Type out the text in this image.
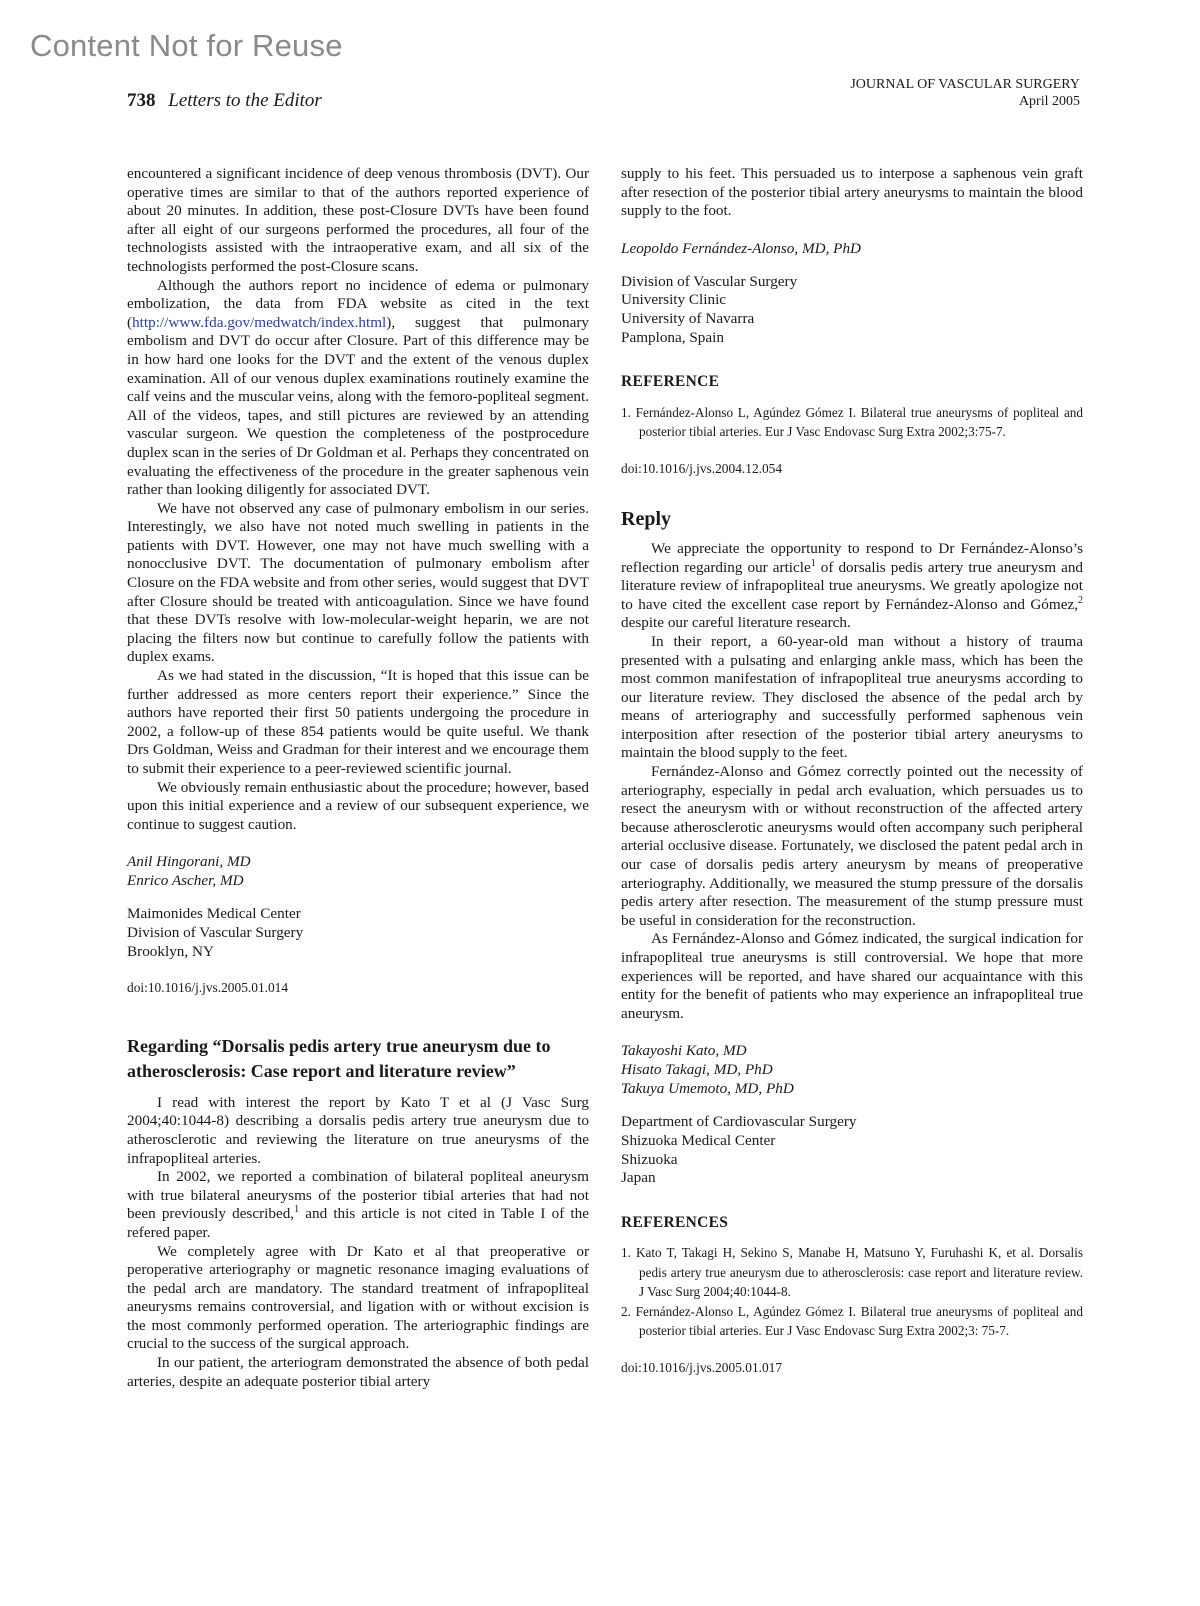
Content Not for Reuse
738 Letters to the Editor
JOURNAL OF VASCULAR SURGERY
April 2005

encountered a significant incidence of deep venous thrombosis (DVT). Our operative times are similar to that of the authors reported experience of about 20 minutes. In addition, these post-Closure DVTs have been found after all eight of our surgeons performed the procedures, all four of the technologists assisted with the intraoperative exam, and all six of the technologists performed the post-Closure scans.

Although the authors report no incidence of edema or pulmonary embolization, the data from FDA website as cited in the text (http://www.fda.gov/medwatch/index.html), suggest that pulmonary embolism and DVT do occur after Closure. Part of this difference may be in how hard one looks for the DVT and the extent of the venous duplex examination. All of our venous duplex examinations routinely examine the calf veins and the muscular veins, along with the femoro-popliteal segment. All of the videos, tapes, and still pictures are reviewed by an attending vascular surgeon. We question the completeness of the postprocedure duplex scan in the series of Dr Goldman et al. Perhaps they concentrated on evaluating the effectiveness of the procedure in the greater saphenous vein rather than looking diligently for associated DVT.

We have not observed any case of pulmonary embolism in our series. Interestingly, we also have not noted much swelling in patients in the patients with DVT. However, one may not have much swelling with a nonocclusive DVT. The documentation of pulmonary embolism after Closure on the FDA website and from other series, would suggest that DVT after Closure should be treated with anticoagulation. Since we have found that these DVTs resolve with low-molecular-weight heparin, we are not placing the filters now but continue to carefully follow the patients with duplex exams.

As we had stated in the discussion, “It is hoped that this issue can be further addressed as more centers report their experience.” Since the authors have reported their first 50 patients undergoing the procedure in 2002, a follow-up of these 854 patients would be quite useful. We thank Drs Goldman, Weiss and Gradman for their interest and we encourage them to submit their experience to a peer-reviewed scientific journal.

We obviously remain enthusiastic about the procedure; however, based upon this initial experience and a review of our subsequent experience, we continue to suggest caution.

Anil Hingorani, MD
Enrico Ascher, MD
Maimonides Medical Center
Division of Vascular Surgery
Brooklyn, NY
doi:10.1016/j.jvs.2005.01.014
Regarding “Dorsalis pedis artery true aneurysm due to atherosclerosis: Case report and literature review”

I read with interest the report by Kato T et al (J Vasc Surg 2004;40:1044-8) describing a dorsalis pedis artery true aneurysm due to atherosclerotic and reviewing the literature on true aneurysms of the infrapopliteal arteries.

In 2002, we reported a combination of bilateral popliteal aneurysm with true bilateral aneurysms of the posterior tibial arteries that had not been previously described,$^1$ and this article is not cited in Table I of the refered paper.

We completely agree with Dr Kato et al that preoperative or peroperative arteriography or magnetic resonance imaging evaluations of the pedal arch are mandatory. The standard treatment of infrapopliteal aneurysms remains controversial, and ligation with or without excision is the most commonly performed operation. The arteriographic findings are crucial to the success of the surgical approach.

In our patient, the arteriogram demonstrated the absence of both pedal arteries, despite an adequate posterior tibial artery

supply to his feet. This persuaded us to interpose a saphenous vein graft after resection of the posterior tibial artery aneurysms to maintain the blood supply to the foot.

Leopoldo Fernández-Alonso, MD, PhD
Division of Vascular Surgery
University Clinic
University of Navarra
Pamplona, Spain
REFERENCE
1. Fernández-Alonso L, Agúndez Gómez I. Bilateral true aneurysms of popliteal and posterior tibial arteries. Eur J Vasc Endovasc Surg Extra 2002;3:75-7.
doi:10.1016/j.jvs.2004.12.054
Reply

We appreciate the opportunity to respond to Dr Fernández-Alonso’s reflection regarding our article$^1$ of dorsalis pedis artery true aneurysm and literature review of infrapopliteal true aneurysms. We greatly apologize not to have cited the excellent case report by Fernández-Alonso and Gómez,$^2$ despite our careful literature research.

In their report, a 60-year-old man without a history of trauma presented with a pulsating and enlarging ankle mass, which has been the most common manifestation of infrapopliteal true aneurysms according to our literature review. They disclosed the absence of the pedal arch by means of arteriography and successfully performed saphenous vein interposition after resection of the posterior tibial artery aneurysms to maintain the blood supply to the feet.

Fernández-Alonso and Gómez correctly pointed out the necessity of arteriography, especially in pedal arch evaluation, which persuades us to resect the aneurysm with or without reconstruction of the affected artery because atherosclerotic aneurysms would often accompany such peripheral arterial occlusive disease. Fortunately, we disclosed the patent pedal arch in our case of dorsalis pedis artery aneurysm by means of preoperative arteriography. Additionally, we measured the stump pressure of the dorsalis pedis artery after resection. The measurement of the stump pressure must be useful in consideration for the reconstruction.

As Fernández-Alonso and Gómez indicated, the surgical indication for infrapopliteal true aneurysms is still controversial. We hope that more experiences will be reported, and have shared our acquaintance with this entity for the benefit of patients who may experience an infrapopliteal true aneurysm.

Takayoshi Kato, MD
Hisato Takagi, MD, PhD
Takuya Umemoto, MD, PhD
Department of Cardiovascular Surgery
Shizuoka Medical Center
Shizuoka
Japan
REFERENCES
1. Kato T, Takagi H, Sekino S, Manabe H, Matsuno Y, Furuhashi K, et al. Dorsalis pedis artery true aneurysm due to atherosclerosis: case report and literature review. J Vasc Surg 2004;40:1044-8.
2. Fernández-Alonso L, Agúndez Gómez I. Bilateral true aneurysms of popliteal and posterior tibial arteries. Eur J Vasc Endovasc Surg Extra 2002;3: 75-7.
doi:10.1016/j.jvs.2005.01.017
